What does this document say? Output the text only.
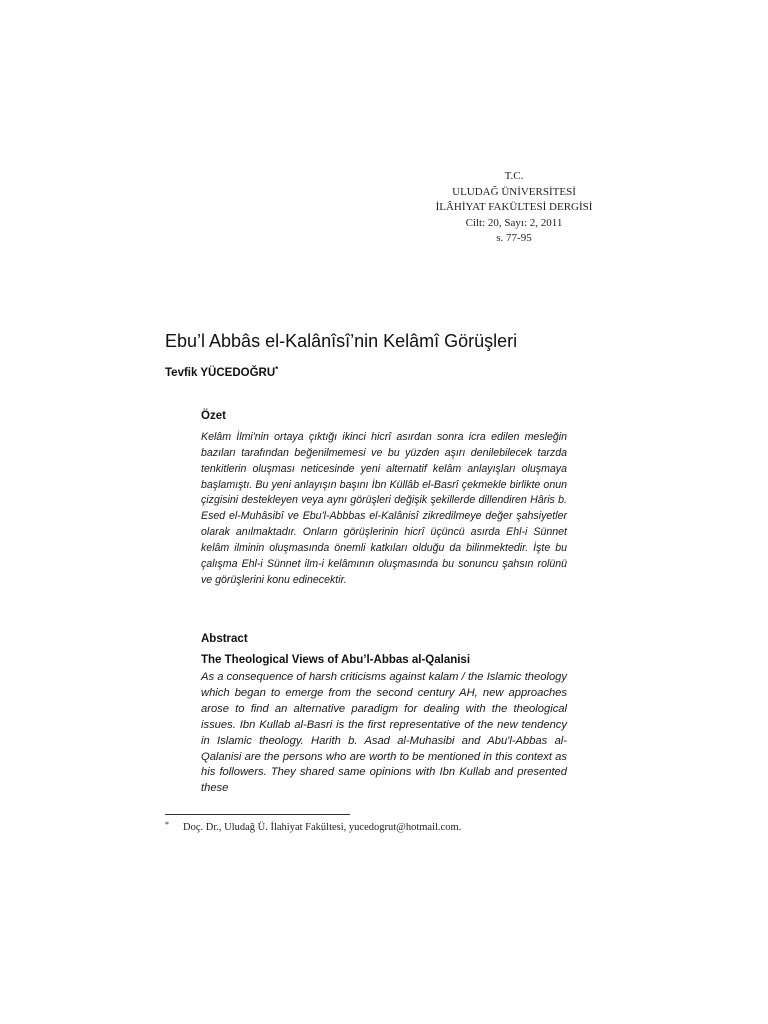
T.C.
ULUDAĞ ÜNİVERSİTESİ
İLÂHİYAT FAKÜLTESİ DERGİSİ
Cilt: 20, Sayı: 2, 2011
s. 77-95
Ebu’l Abbâs el-Kalânîsî’nin Kelâmî Görüşleri
Tevfik YÜCEDOĞRU*

Özet

Kelâm İlmi'nin ortaya çıktığı ikinci hicrî asırdan sonra icra edilen mesleğin bazıları tarafından beğenilmemesi ve bu yüzden aşırı denilebilecek tarzda tenkitlerin oluşması neticesinde yeni alternatif kelâm anlayışları oluşmaya başlamıştı. Bu yeni anlayışın başını İbn Küllâb el-Basrî çekmekle birlikte onun çizgisini destekleyen veya aynı görüşleri değişik şekillerde dillendiren Hâris b. Esed el-Muhâsibî ve Ebu'l-Abbbas el-Kalânisî zikredilmeye değer şahsiyetler olarak anılmaktadır. Onların görüşlerinin hicrî üçüncü asırda Ehl-i Sünnet kelâm ilminin oluşmasında önemli katkıları olduğu da bilinmektedir. İşte bu çalışma Ehl-i Sünnet ilm-i kelâmının oluşmasında bu sonuncu şahsın rolünü ve görüşlerini konu edinecektir.

Abstract

The Theological Views of Abu’l-Abbas al-Qalanisi

As a consequence of harsh criticisms against kalam / the Islamic theology which began to emerge from the second century AH, new approaches arose to find an alternative paradigm for dealing with the theological issues. Ibn Kullab al-Basri is the first representative of the new tendency in Islamic theology. Harith b. Asad al-Muhasibi and Abu'l-Abbas al-Qalanisi are the persons who are worth to be mentioned in this context as his followers. They shared same opinions with Ibn Kullab and presented these

* Doç. Dr., Uludağ Ü. İlahiyat Fakültesi, yucedogrut@hotmail.com.
